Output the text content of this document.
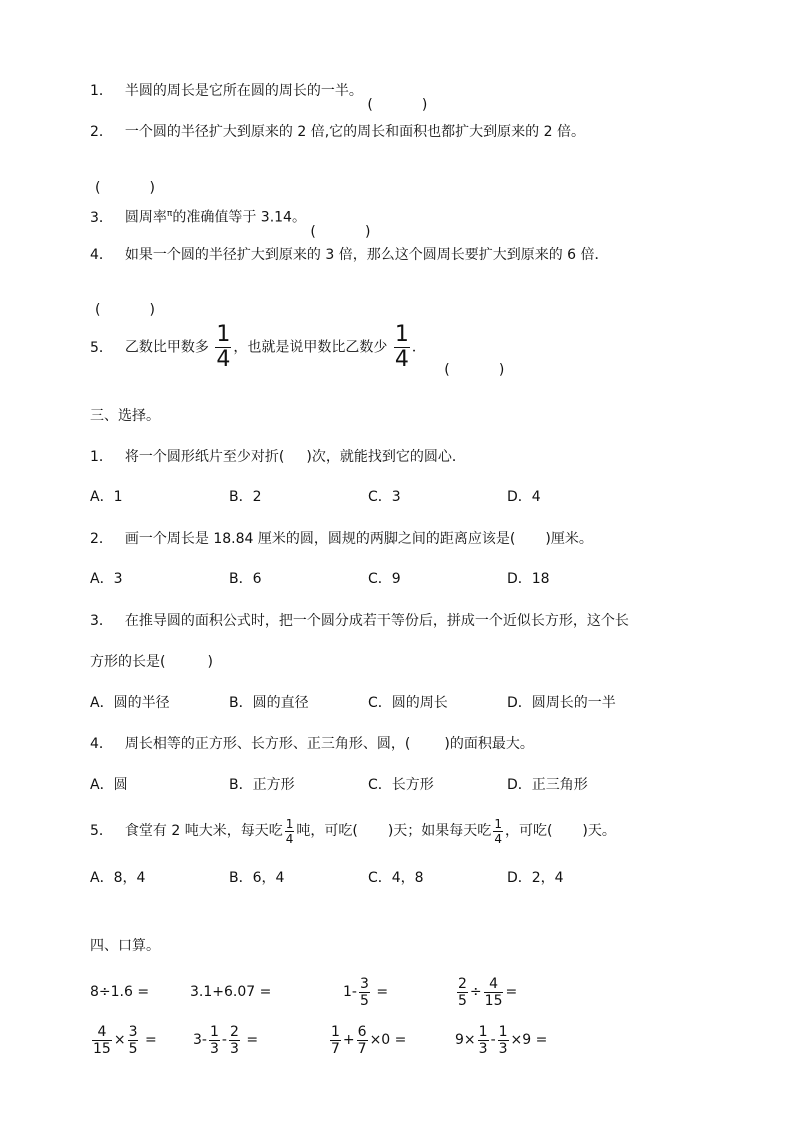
1． 半圆的周长是它所在圆的周长的一半。
(	)
2． 一个圆的半径扩大到原来的 2 倍,它的周长和面积也都扩大到原来的 2 倍。
(	)
3． 圆周率$^\pi$的准确值等于 3.14。
(	)
4． 如果一个圆的半径扩大到原来的 3 倍，那么这个圆周长要扩大到原来的 6 倍．
(	)
5． 乙数比甲数多 $\frac{1}{4}$ ，也就是说甲数比乙数少 $\frac{1}{4}$ ．
(	)
三、选择。
1． 将一个圆形纸片至少对折( )次，就能找到它的圆心．
A．1	B．2	C．3	D．4
2． 画一个周长是 18.84 厘米的圆，圆规的两脚之间的距离应该是( )厘米。
A．3	B．6	C．9	D．18
3． 在推导圆的面积公式时，把一个圆分成若干等份后，拼成一个近似长方形，这个长
方形的长是(	)
A．圆的半径	B．圆的直径	C．圆的周长	D．圆周长的一半
4． 周长相等的正方形、长方形、正三角形、圆，( )的面积最大。
A．圆	B．正方形	C．长方形	D．正三角形
5． 食堂有 2 吨大米，每天吃 $\frac{1}{4}$ 吨，可吃( )天；如果每天吃 $\frac{1}{4}$ ，可吃( )天。
A．8，4	B．6，4	C．4，8	D．2，4
四、口算。
8÷1.6 =	3.1+6.07 =	$1- \frac{3}{5}$ =	$\frac{2}{5} \div \frac{4}{15}$ =
$\frac{4}{15} \times \frac{3}{5}$ =	$3- \frac{1}{3} - \frac{2}{3}$ =	$\frac{1}{7} + \frac{6}{7} \times 0$ =	$9\times \frac{1}{3} - \frac{1}{3} \times 9$ =
